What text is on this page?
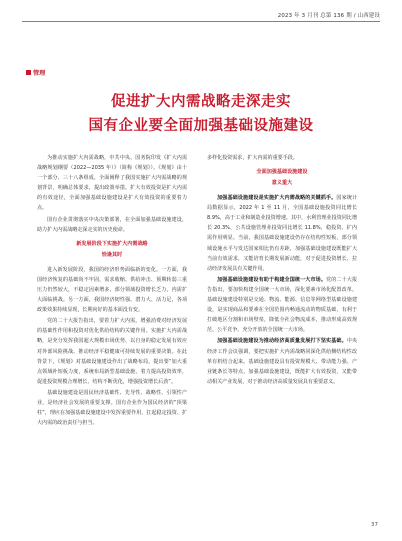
2023 年 3 月刊 总第 136 期 / 山西建设
管理
促进扩大内需战略走深走实
国有企业要全面加强基础设施建设

为推动实施扩大内需战略，中共中央、国务院印发《扩大内需战略规划纲要（2022—2035 年）》（简称《规划》）。《规划》由十一个部分、三十八条组成，全面阐释了我国实施扩大内需战略的规划背景，明确总体要求，提出政策举措。扩大有效投资是扩大内需的有效途径，全面加强基础设施建设是扩大有效投资的重要着力点。

国有企业贯彻落实中央决策部署，在全面加强基础设施建设，助力扩大内需战略走深走实的历史使命。

新发展阶段下实施扩大内需战略
恰逢其时

进入新发展阶段，我国的经济形势面临新的变化。一方面，我国经济恢复的基础尚不牢固，需求收缩、供给冲击、预期转弱三重压力仍然较大，不稳定因素增多，部分领域投资增长乏力，内需扩大面临挑战。另一方面，我国经济韧性强、潜力大、活力足，各项政策效果持续显现，长期向好的基本面没有变。

党的二十大报告指出，要着力扩大内需，增强消费对经济发展的基础性作用和投资对优化供给结构的关键作用。实施扩大内需战略，是充分发挥我国超大规模市场优势、以自身的稳定发展有效应对外部风险挑战、推动经济平稳健康可持续发展的重要决策。在此背景下，《规划》对基础设施建设作出了战略布局，提出要“加大重点领域补短板力度，系统布局新型基础设施，着力提高投资效率，促进投资规模合理增长、结构不断优化，增强投资增长后劲”。

基础设施建设是国民经济基础性、先导性、战略性、引领性产业，是经济社会发展的重要支撑。国有企业作为国民经济的“顶梁柱”，理应在加强基础设施建设中发挥重要作用，扛起稳定投资、扩大内需的政治责任与担当。

多样化投资需求，扩大内需的重要手段。

全面加强基础设施建设
意义重大

加强基础设施建设是实施扩大内需战略的关键抓手。国家统计局数据显示，2022 年 1 至 11 月，全国基础设施投资同比增长 8.9%，高于工业和制造业投资增速。其中，水利管理业投资同比增长 20.3%，公共设施管理业投资同比增长 11.8%，稳投资、扩内需作用明显。当前，我国基础设施建设仍存在结构性短板，部分领域设施水平与发达国家相比仍有差距，加强基础设施建设既能扩大当前有效需求，又能培育长期发展新动能，对于促进投资增长、拉动经济发展具有关键作用。

加强基础设施建设有助于构建全国统一大市场。党的二十大报告指出，要加快构建全国统一大市场，深化要素市场化配置改革。基础设施建设特别是交通、物流、能源、信息等网络型基础设施建设，是实现商品和要素在全国范围内畅通流动的物质基础，有利于打破地区分割和市场壁垒，降低全社会物流成本，推动形成高效规范、公平竞争、充分开放的全国统一大市场。

加强基础设施建设为推动经济高质量发展打下坚实基础。中央经济工作会议强调，要把实施扩大内需战略同深化供给侧结构性改革有机结合起来。基础设施建设具有投资规模大、带动能力强、产业链条长等特点，加强基础设施建设，既能扩大有效投资，又能带动相关产业发展，对于推动经济高质量发展具有重要意义。

37
